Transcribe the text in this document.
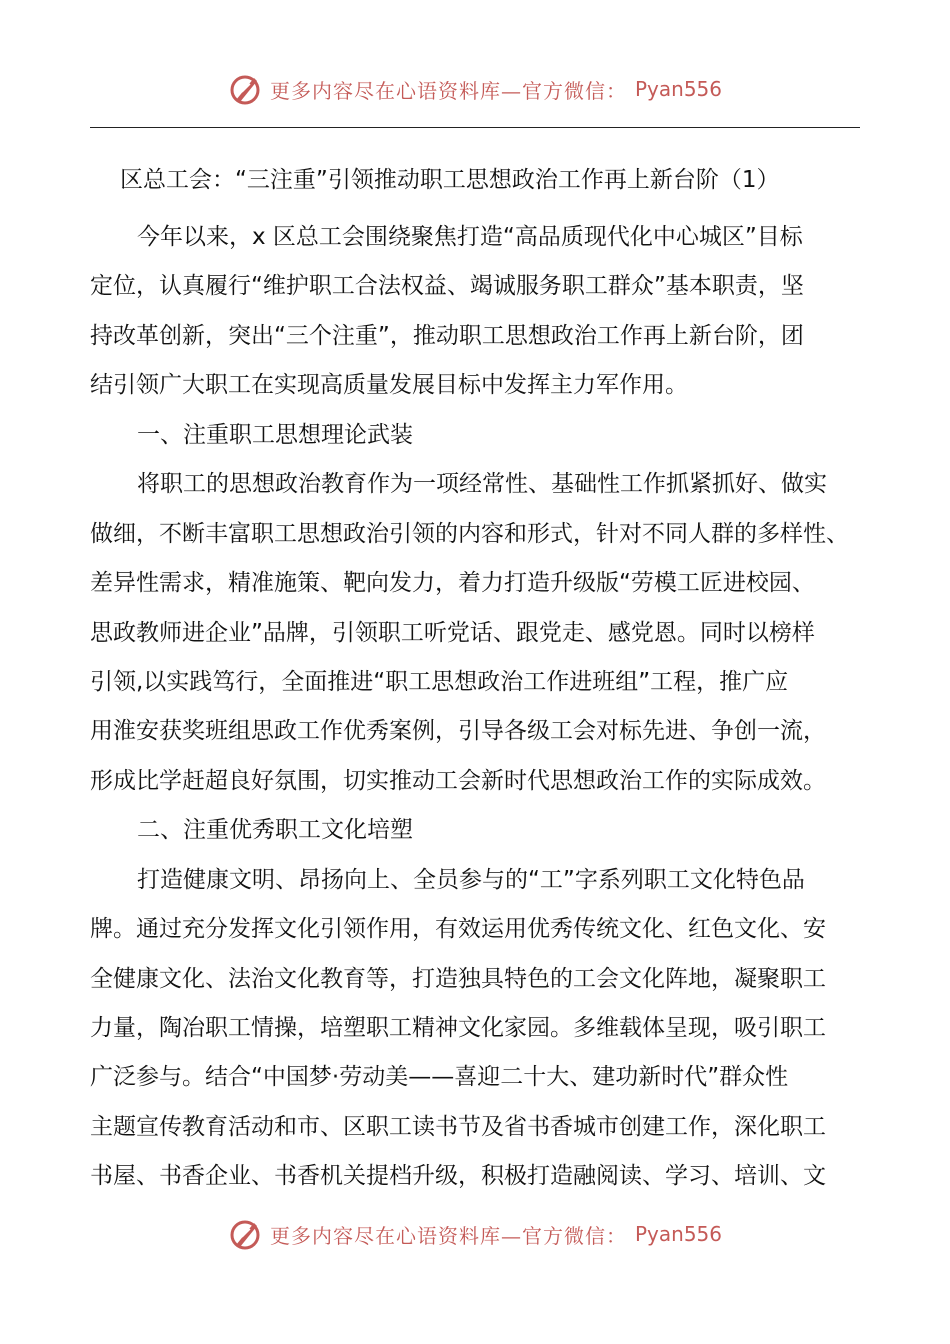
更多内容尽在心语资料库—官方微信： Pyan556
区总工会：“三注重”引领推动职工思想政治工作再上新台阶（1）
今年以来，x 区总工会围绕聚焦打造“高品质现代化中心城区”目标
定位，认真履行“维护职工合法权益、竭诚服务职工群众”基本职责，坚
持改革创新，突出“三个注重”，推动职工思想政治工作再上新台阶，团
结引领广大职工在实现高质量发展目标中发挥主力军作用。
一、注重职工思想理论武装
将职工的思想政治教育作为一项经常性、基础性工作抓紧抓好、做实
做细，不断丰富职工思想政治引领的内容和形式，针对不同人群的多样性、
差异性需求，精准施策、靶向发力，着力打造升级版“劳模工匠进校园、
思政教师进企业”品牌，引领职工听党话、跟党走、感党恩。同时以榜样
引领,以实践笃行，全面推进“职工思想政治工作进班组”工程，推广应
用淮安获奖班组思政工作优秀案例，引导各级工会对标先进、争创一流，
形成比学赶超良好氛围，切实推动工会新时代思想政治工作的实际成效。
二、注重优秀职工文化培塑
打造健康文明、昂扬向上、全员参与的“工”字系列职工文化特色品
牌。通过充分发挥文化引领作用，有效运用优秀传统文化、红色文化、安
全健康文化、法治文化教育等，打造独具特色的工会文化阵地，凝聚职工
力量，陶冶职工情操，培塑职工精神文化家园。多维载体呈现，吸引职工
广泛参与。结合“中国梦·劳动美——喜迎二十大、建功新时代”群众性
主题宣传教育活动和市、区职工读书节及省书香城市创建工作，深化职工
书屋、书香企业、书香机关提档升级，积极打造融阅读、学习、培训、文
更多内容尽在心语资料库—官方微信： Pyan556
